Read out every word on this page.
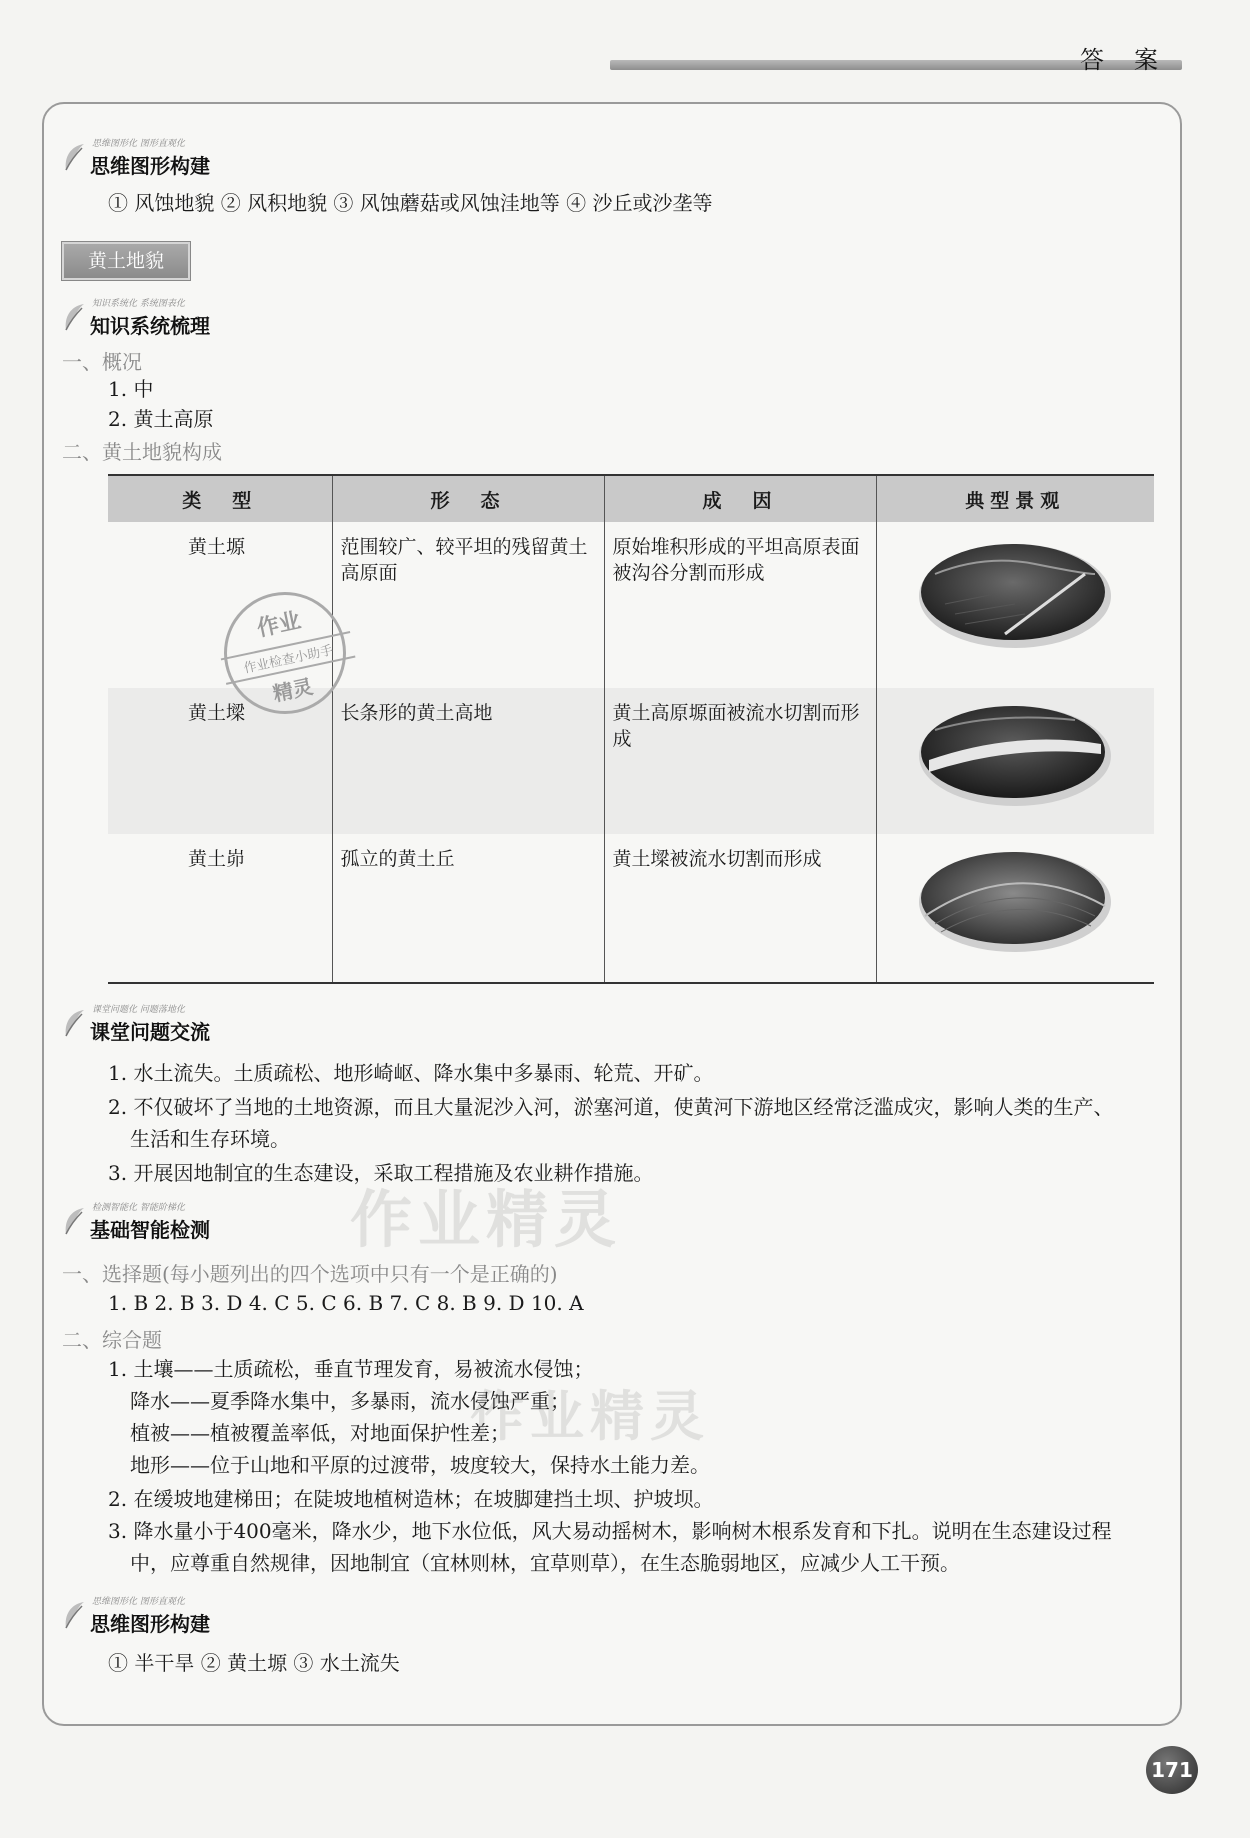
答案
思维图形化 图形直观化
思维图形构建
① 风蚀地貌 ② 风积地貌 ③ 风蚀蘑菇或风蚀洼地等 ④ 沙丘或沙垄等
黄土地貌
知识系统化 系统图表化
知识系统梳理
一、概况
1. 中
2. 黄土高原
二、黄土地貌构成
类　型	形　态	成　因	典型景观
黄土塬	范围较广、较平坦的残留黄土高原面	原始堆积形成的平坦高原表面被沟谷分割而形成	
黄土墚	长条形的黄土高地	黄土高原塬面被流水切割而形成	
黄土峁	孤立的黄土丘	黄土墚被流水切割而形成	
作业
作业检查小助手
精灵
课堂问题化 问题落地化
课堂问题交流
1. 水土流失。土质疏松、地形崎岖、降水集中多暴雨、轮荒、开矿。
2. 不仅破坏了当地的土地资源，而且大量泥沙入河，淤塞河道，使黄河下游地区经常泛滥成灾，影响人类的生产、
生活和生存环境。
3. 开展因地制宜的生态建设，采取工程措施及农业耕作措施。
作业精灵
检测智能化 智能阶梯化
基础智能检测
一、选择题(每小题列出的四个选项中只有一个是正确的)
1. B 2. B 3. D 4. C 5. C 6. B 7. C 8. B 9. D 10. A
二、综合题
1. 土壤——土质疏松，垂直节理发育，易被流水侵蚀；
降水——夏季降水集中，多暴雨，流水侵蚀严重；
植被——植被覆盖率低，对地面保护性差；
地形——位于山地和平原的过渡带，坡度较大，保持水土能力差。
2. 在缓坡地建梯田；在陡坡地植树造林；在坡脚建挡土坝、护坡坝。
3. 降水量小于400毫米，降水少，地下水位低，风大易动摇树木，影响树木根系发育和下扎。说明在生态建设过程
中，应尊重自然规律，因地制宜（宜林则林，宜草则草），在生态脆弱地区，应减少人工干预。
作业精灵
思维图形化 图形直观化
思维图形构建
① 半干旱 ② 黄土塬 ③ 水土流失
171
